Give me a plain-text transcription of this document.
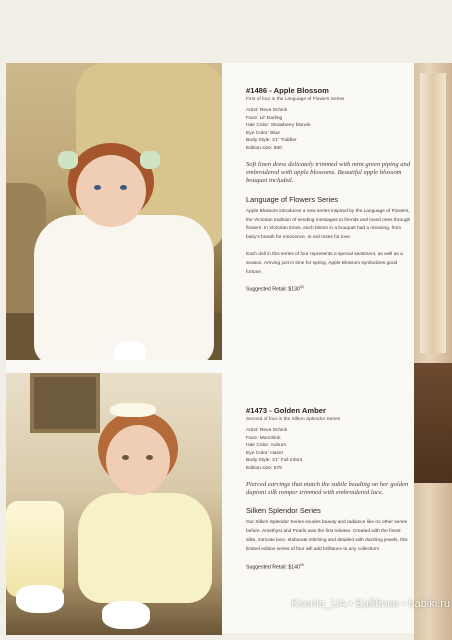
#1486 - Apple Blossom
First of four in the Language of Flowers Series
Artist: Reva Schick
Face: Lil' Darling
Hair Color: Strawberry blonde
Eye Color: Blue
Body Style: 21" Toddler
Edition size: 500
Soft linen dress delicately trimmed with mint green piping and embroidered with apple blossoms. Beautiful apple blossom bouquet included.
Language of Flowers Series
Apple Blossom introduces a new series inspired by the Language of Flowers, the Victorian tradition of sending messages to friends and loved ones through flowers. In Victorian times, each bloom in a bouquet had a meaning, from baby's breath for innocence, to red roses for love.
Each doll in this series of four represents a special sentiment, as well as a season. Arriving just in time for spring, Apple Blossom symbolizes good fortune.
Suggested Retail: $\$130^{00}$
#1473 - Golden Amber
Second of four in the Silken Splendor Series
Artist: Reva Schick
Face: Munchkin
Hair Color: Auburn
Eye Color: Hazel
Body Style: 21" Full Infant
Edition size: 575
Pierced earrings that match the subtle beading on her golden dupioni silk romper trimmed with embroidered lace.
Silken Splendor Series
Our Silken Splendor Series exudes beauty and radiance like no other series before. Amethyst and Pearls was the first release. Created with the finest silks, intricate lace, elaborate stitching and detailed with dazzling jewels, this limited edition series of four will add brilliance to any collection!
Suggested Retail: $\$140^{00}$
Ksenia_UA • Байбики • babiki.ru
